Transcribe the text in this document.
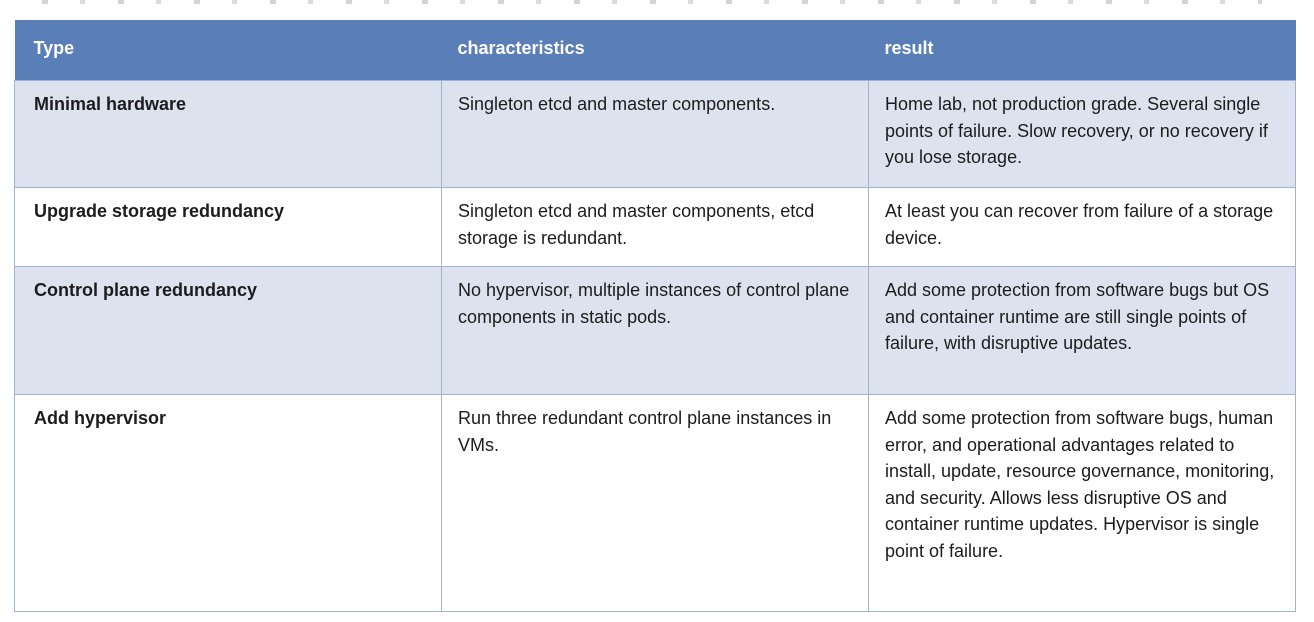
Type	characteristics	result
Minimal hardware	Singleton etcd and master components.	Home lab, not production grade. Several single points of failure. Slow recovery, or no recovery if you lose storage.
Upgrade storage redundancy	Singleton etcd and master components, etcd storage is redundant.	At least you can recover from failure of a storage device.
Control plane redundancy	No hypervisor, multiple instances of control plane components in static pods.	Add some protection from software bugs but OS and container runtime are still single points of failure, with disruptive updates.
Add hypervisor	Run three redundant control plane instances in VMs.	Add some protection from software bugs, human error, and operational advantages related to install, update, resource governance, monitoring, and security. Allows less disruptive OS and container runtime updates. Hypervisor is single point of failure.
